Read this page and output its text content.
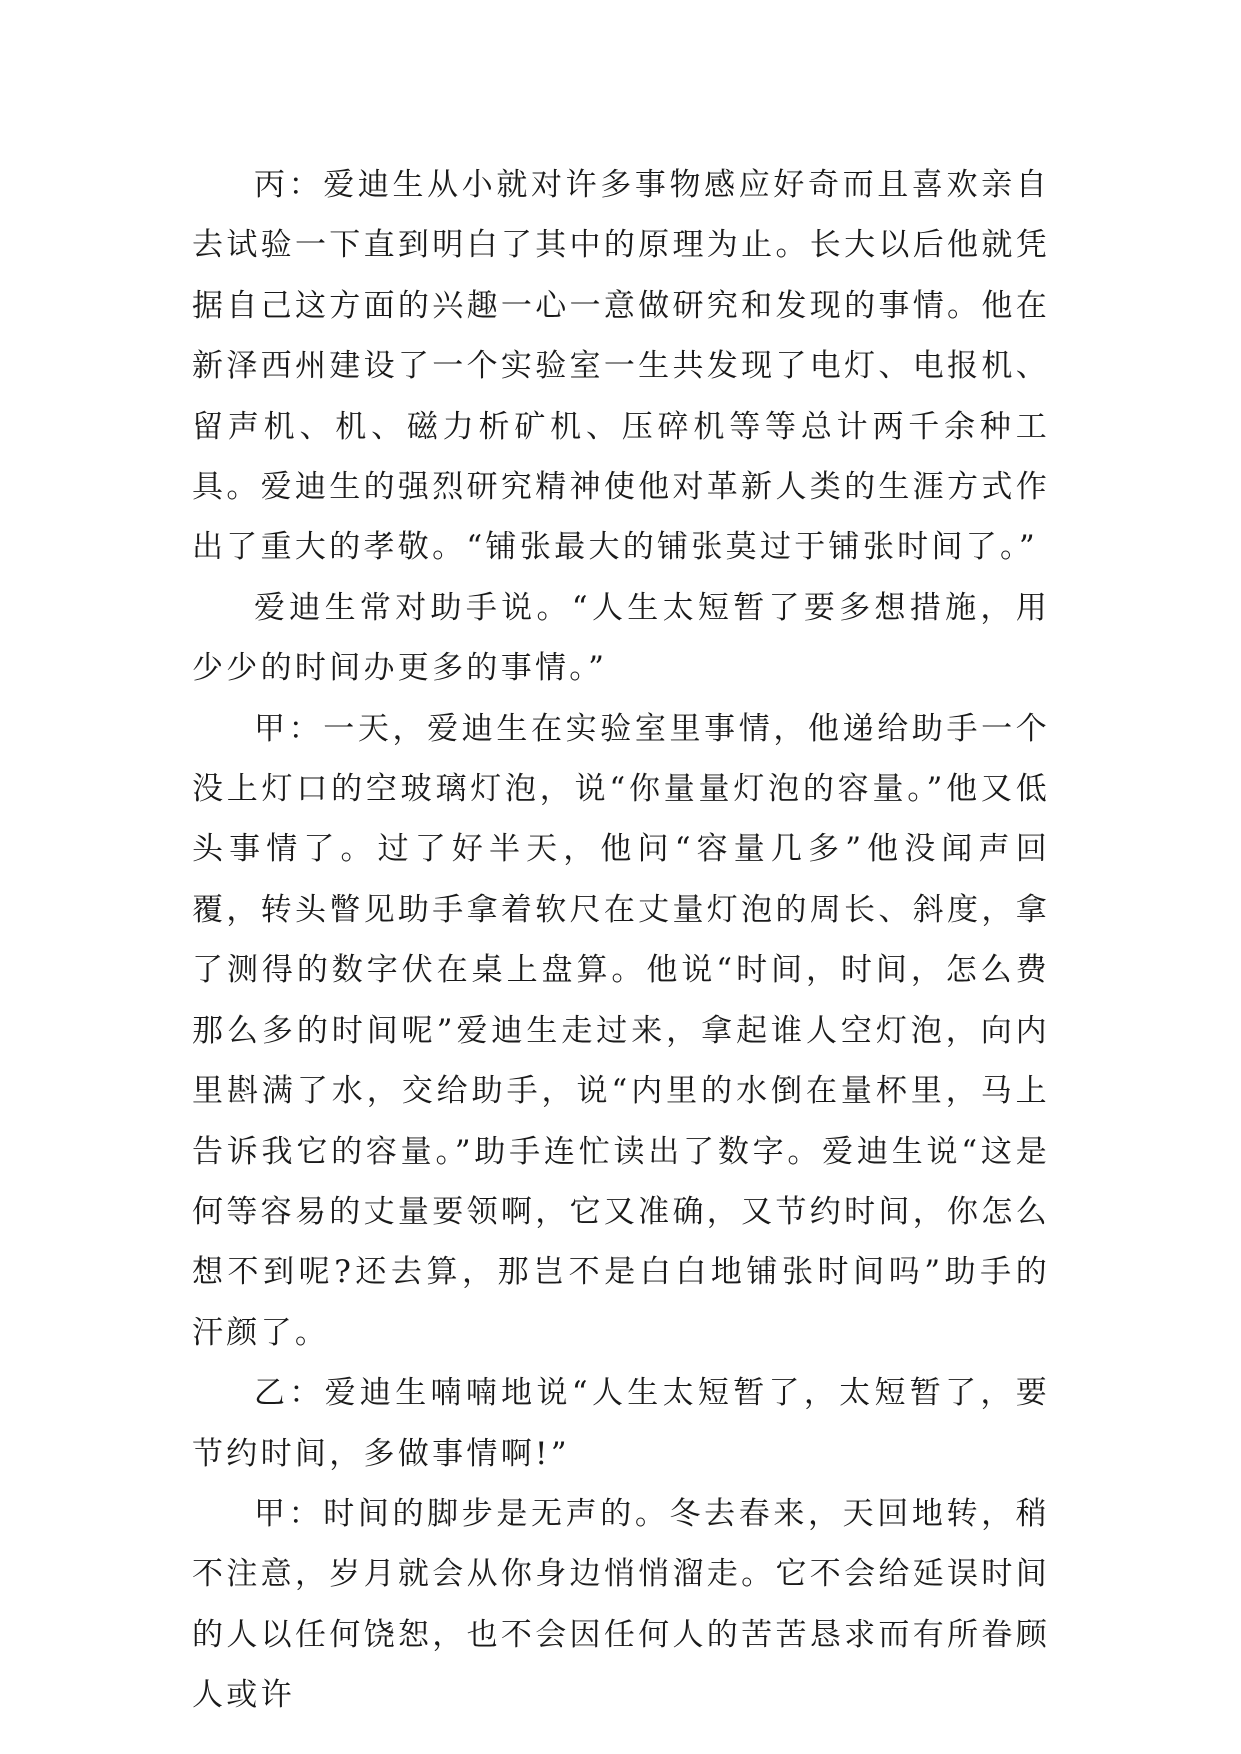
丙：爱迪生从小就对许多事物感应好奇而且喜欢亲自去试验一下直到明白了其中的原理为止。长大以后他就凭据自己这方面的兴趣一心一意做研究和发现的事情。他在新泽西州建设了一个实验室一生共发现了电灯、电报机、留声机、机、磁力析矿机、压碎机等等总计两千余种工具。爱迪生的强烈研究精神使他对革新人类的生涯方式作出了重大的孝敬。“铺张最大的铺张莫过于铺张时间了。”

爱迪生常对助手说。“人生太短暂了要多想措施，用少少的时间办更多的事情。”

甲：一天，爱迪生在实验室里事情，他递给助手一个没上灯口的空玻璃灯泡，说“你量量灯泡的容量。”他又低头事情了。过了好半天，他问“容量几多”他没闻声回覆，转头瞥见助手拿着软尺在丈量灯泡的周长、斜度，拿了测得的数字伏在桌上盘算。他说“时间，时间，怎么费那么多的时间呢”爱迪生走过来，拿起谁人空灯泡，向内里斟满了水，交给助手，说“内里的水倒在量杯里，马上告诉我它的容量。”助手连忙读出了数字。爱迪生说“这是何等容易的丈量要领啊，它又准确，又节约时间，你怎么想不到呢?还去算，那岂不是白白地铺张时间吗”助手的汗颜了。

乙：爱迪生喃喃地说“人生太短暂了，太短暂了，要节约时间，多做事情啊!”

甲：时间的脚步是无声的。冬去春来，天回地转，稍不注意，岁月就会从你身边悄悄溜走。它不会给延误时间的人以任何饶恕，也不会因任何人的苦苦恳求而有所眷顾人或许
